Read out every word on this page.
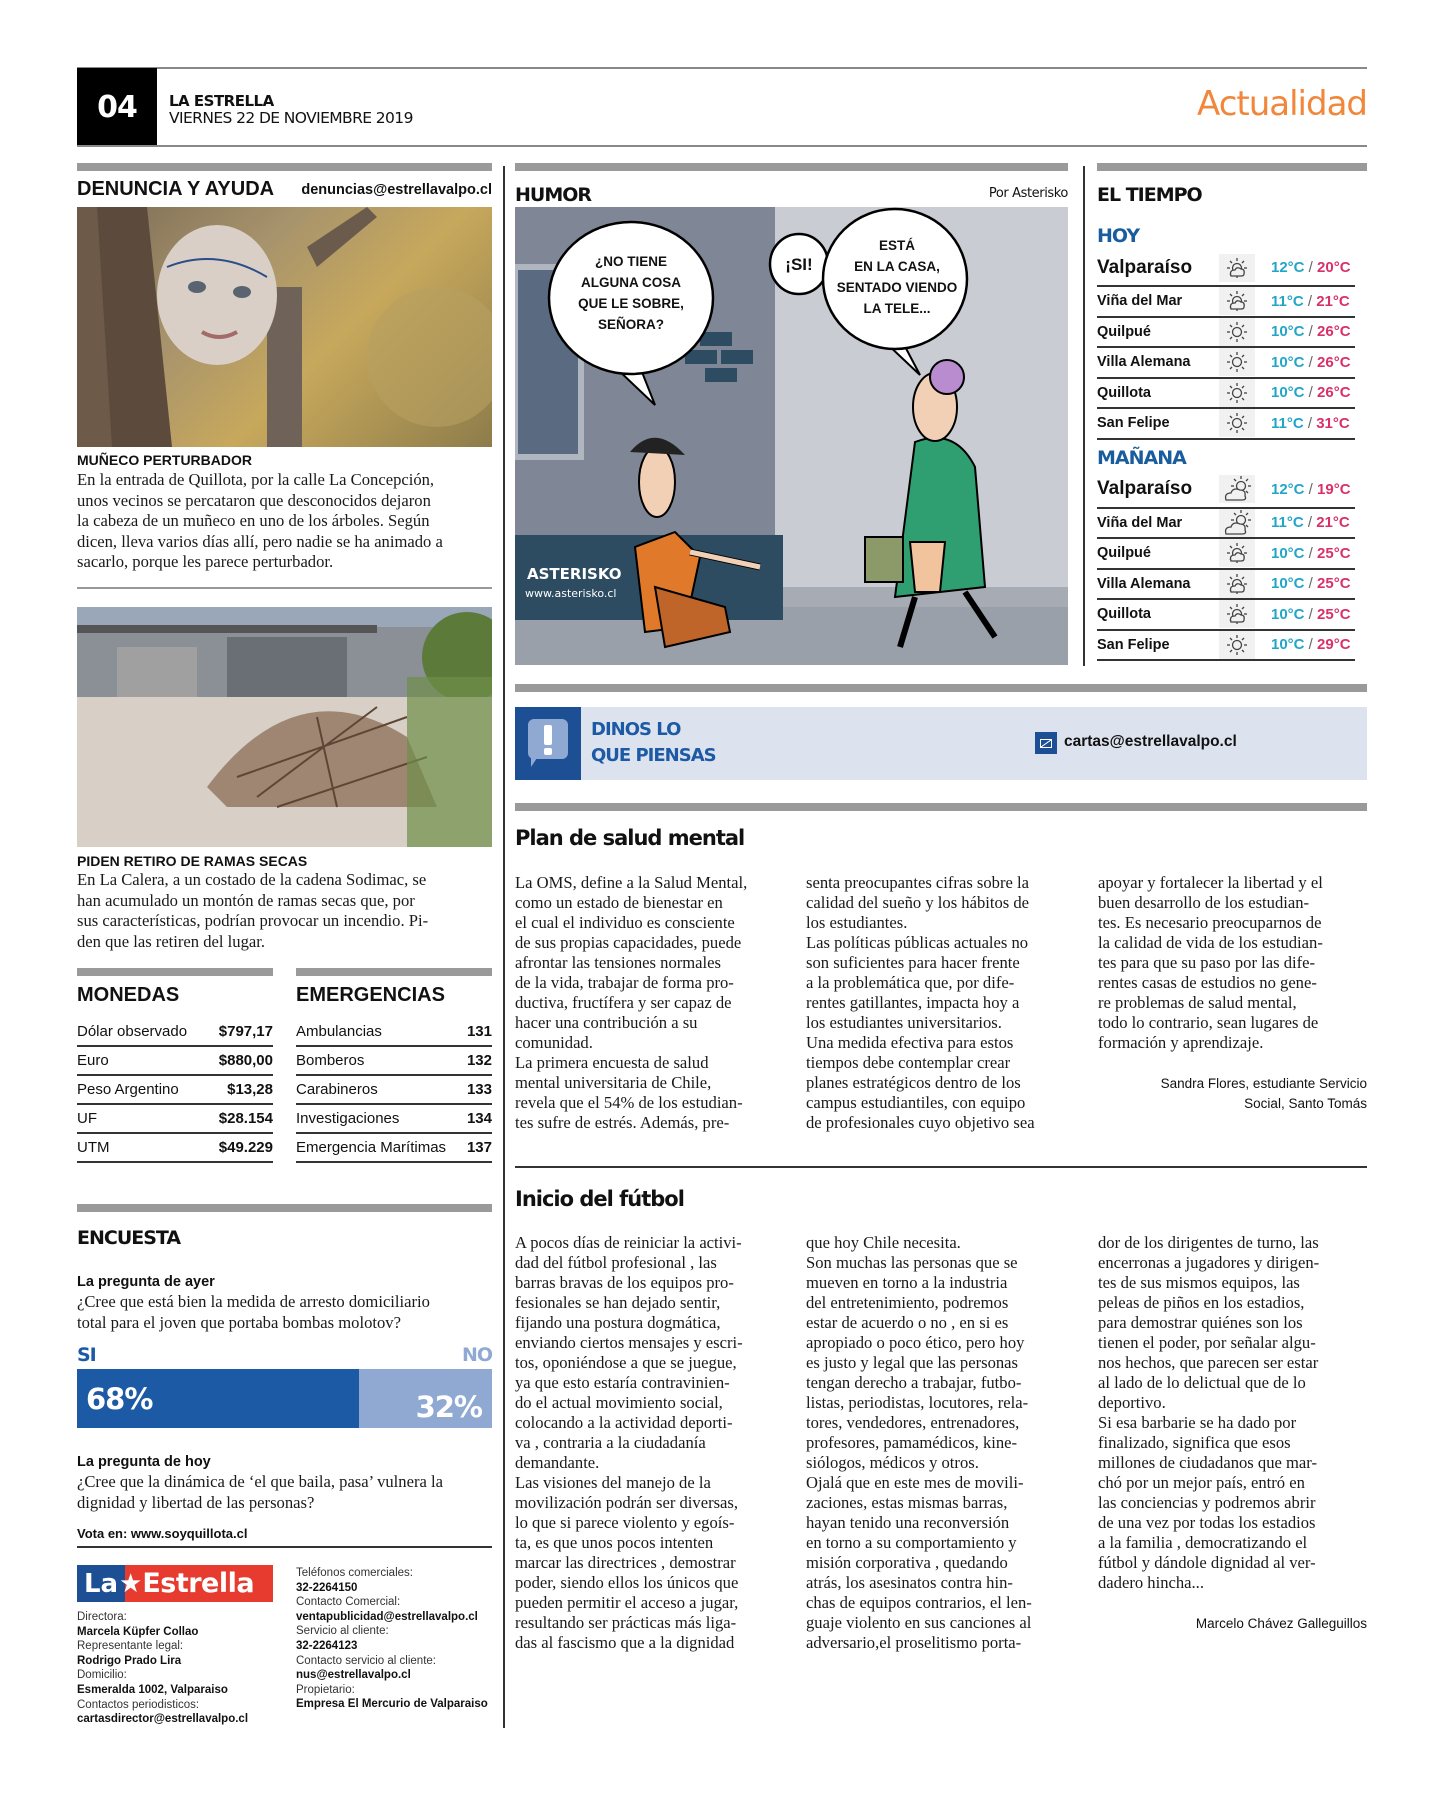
04 LA ESTRELLA
VIERNES 22 DE NOVIEMBRE 2019	Actualidad
DENUNCIA Y AYUDA denuncias@estrellavalpo.cl
MUÑECO PERTURBADOR
En la entrada de Quillota, por la calle La Concepción,
unos vecinos se percataron que desconocidos dejaron
la cabeza de un muñeco en uno de los árboles. Según
dicen, lleva varios días allí, pero nadie se ha animado a
sacarlo, porque les parece perturbador.
PIDEN RETIRO DE RAMAS SECAS
En La Calera, a un costado de la cadena Sodimac, se
han acumulado un montón de ramas secas que, por
sus características, podrían provocar un incendio. Pi-
den que las retiren del lugar.
MONEDAS
Dólar observado $797,17
Euro	$880,00
Peso Argentino	$13,28
UF	$28.154
UTM	$49.229
EMERGENCIAS
Ambulancias	131
Bomberos	132
Carabineros	133
Investigaciones	134
Emergencia Marítimas 137
ENCUESTA
La pregunta de ayer
¿Cree que está bien la medida de arresto domiciliario
total para el joven que portaba bombas molotov?
SI	NO
68%	32%
La pregunta de hoy
¿Cree que la dinámica de ‘el que baila, pasa’ vulnera la
dignidad y libertad de las personas?
Vota en: www.soyquillota.cl
La ★ Estrella
Directora:
Marcela Küpfer Collao
Representante legal:
Rodrigo Prado Lira
Domicilio:
Esmeralda 1002, Valparaiso
Contactos periodisticos:
cartasdirector@estrellavalpo.cl
Teléfonos comerciales:
32-2264150
Contacto Comercial:
ventapublicidad@estrellavalpo.cl
Servicio al cliente:
32-2264123
Contacto servicio al cliente:
nus@estrellavalpo.cl
Propietario:
Empresa El Mercurio de Valparaiso
HUMOR	Por Asterisko
¿NO TIENE
ALGUNA COSA
QUE LE SOBRE,
SEÑORA?
¡SI!
ESTÁ
EN LA CASA,
SENTADO VIENDO
LA TELE...
ASTERISKO
www.asterisko.cl
EL TIEMPO
HOY
Valparaíso	12°C / 20°C
Viña del Mar	11°C / 21°C
Quilpué	10°C / 26°C
Villa Alemana	10°C / 26°C
Quillota	10°C / 26°C
San Felipe	11°C / 31°C
MAÑANA
Valparaíso	12°C / 19°C
Viña del Mar	11°C / 21°C
Quilpué	10°C / 25°C
Villa Alemana	10°C / 25°C
Quillota	10°C / 25°C
San Felipe	10°C / 29°C
DINOS LO
QUE PIENSAS
cartas@estrellavalpo.cl
Plan de salud mental
La OMS, define a la Salud Mental,
como un estado de bienestar en
el cual el individuo es consciente
de sus propias capacidades, puede
afrontar las tensiones normales
de la vida, trabajar de forma pro-
ductiva, fructífera y ser capaz de
hacer una contribución a su
comunidad.
La primera encuesta de salud
mental universitaria de Chile,
revela que el 54% de los estudian-
tes sufre de estrés. Además, pre-
senta preocupantes cifras sobre la
calidad del sueño y los hábitos de
los estudiantes.
Las políticas públicas actuales no
son suficientes para hacer frente
a la problemática que, por dife-
rentes gatillantes, impacta hoy a
los estudiantes universitarios.
Una medida efectiva para estos
tiempos debe contemplar crear
planes estratégicos dentro de los
campus estudiantiles, con equipo
de profesionales cuyo objetivo sea
apoyar y fortalecer la libertad y el
buen desarrollo de los estudian-
tes. Es necesario preocuparnos de
la calidad de vida de los estudian-
tes para que su paso por las dife-
rentes casas de estudios no gene-
re problemas de salud mental,
todo lo contrario, sean lugares de
formación y aprendizaje.
Sandra Flores, estudiante Servicio
Social, Santo Tomás
Inicio del fútbol
A pocos días de reiniciar la activi-
dad del fútbol profesional , las
barras bravas de los equipos pro-
fesionales se han dejado sentir,
fijando una postura dogmática,
enviando ciertos mensajes y escri-
tos, oponiéndose a que se juegue,
ya que esto estaría contravinien-
do el actual movimiento social,
colocando a la actividad deporti-
va , contraria a la ciudadanía
demandante.
Las visiones del manejo de la
movilización podrán ser diversas,
lo que si parece violento y egoís-
ta, es que unos pocos intenten
marcar las directrices , demostrar
poder, siendo ellos los únicos que
pueden permitir el acceso a jugar,
resultando ser prácticas más liga-
das al fascismo que a la dignidad
que hoy Chile necesita.
Son muchas las personas que se
mueven en torno a la industria
del entretenimiento, podremos
estar de acuerdo o no , en si es
apropiado o poco ético, pero hoy
es justo y legal que las personas
tengan derecho a trabajar, futbo-
listas, periodistas, locutores, rela-
tores, vendedores, entrenadores,
profesores, pamamédicos, kine-
siólogos, médicos y otros.
Ojalá que en este mes de movili-
zaciones, estas mismas barras,
hayan tenido una reconversión
en torno a su comportamiento y
misión corporativa , quedando
atrás, los asesinatos contra hin-
chas de equipos contrarios, el len-
guaje violento en sus canciones al
adversario,el proselitismo porta-
dor de los dirigentes de turno, las
encerronas a jugadores y dirigen-
tes de sus mismos equipos, las
peleas de piños en los estadios,
para demostrar quiénes son los
tienen el poder, por señalar algu-
nos hechos, que parecen ser estar
al lado de lo delictual que de lo
deportivo.
Si esa barbarie se ha dado por
finalizado, significa que esos
millones de ciudadanos que mar-
chó por un mejor país, entró en
las conciencias y podremos abrir
de una vez por todas los estadios
a la familia , democratizando el
fútbol y dándole dignidad al ver-
dadero hincha...
Marcelo Chávez Galleguillos
